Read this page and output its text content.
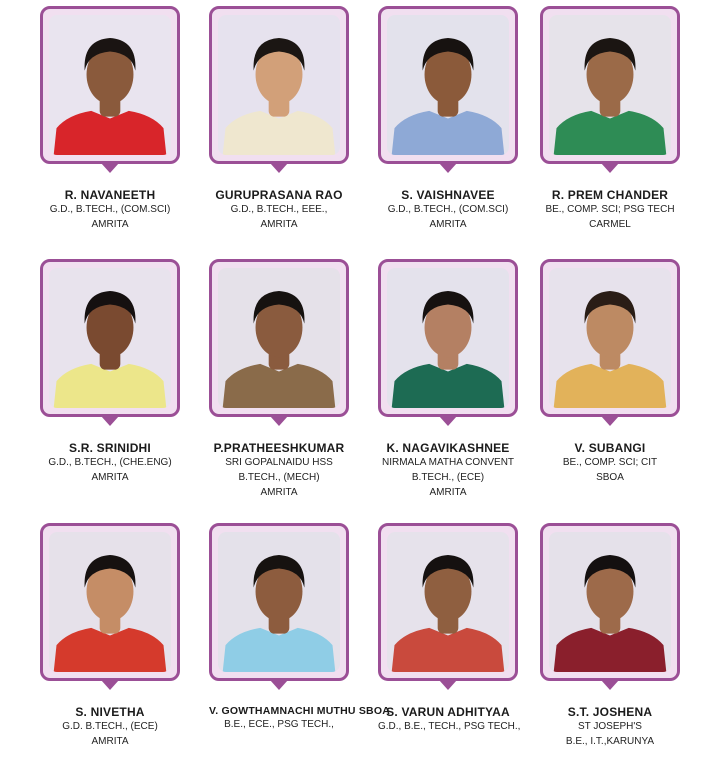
R. NAVANEETH
G.D., B.TECH., (COM.SCI)
AMRITA
GURUPRASANA RAO
G.D., B.TECH., EEE.,
AMRITA
S. VAISHNAVEE
G.D., B.TECH., (COM.SCI)
AMRITA
R. PREM CHANDER
BE., COMP. SCI; PSG TECH
CARMEL
S.R. SRINIDHI
G.D., B.TECH., (CHE.ENG)
AMRITA
P.PRATHEESHKUMAR
SRI GOPALNAIDU HSS
B.TECH., (MECH)
AMRITA
K. NAGAVIKASHNEE
NIRMALA MATHA CONVENT
B.TECH., (ECE)
AMRITA
V. SUBANGI
BE., COMP. SCI; CIT
SBOA
S. NIVETHA
G.D. B.TECH., (ECE)
AMRITA
V. GOWTHAMNACHI MUTHU SBOA
B.E., ECE., PSG TECH.,
S. VARUN ADHITYAA
G.D., B.E., TECH., PSG TECH.,
S.T. JOSHENA
ST JOSEPH'S
B.E., I.T.,KARUNYA
